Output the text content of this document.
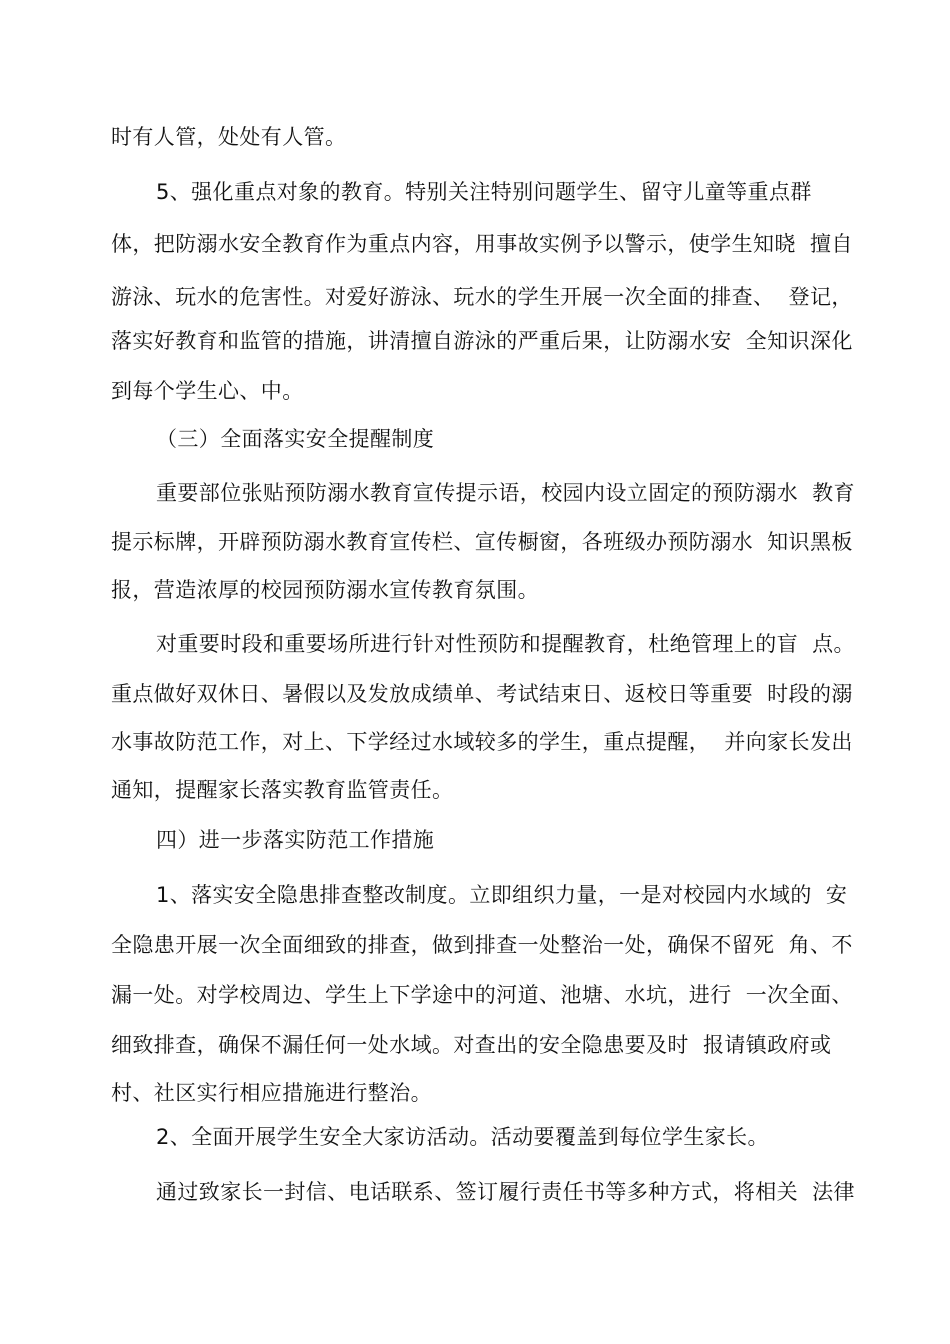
时有人管，处处有人管。
5、强化重点对象的教育。特别关注特别问题学生、留守儿童等重点群
体，把防溺水安全教育作为重点内容，用事故实例予以警示，使学生知晓  擅自
游泳、玩水的危害性。对爱好游泳、玩水的学生开展一次全面的排查、  登记，
落实好教育和监管的措施，讲清擅自游泳的严重后果，让防溺水安  全知识深化
到每个学生心、中。
（三）全面落实安全提醒制度
重要部位张贴预防溺水教育宣传提示语，校园内设立固定的预防溺水  教育
提示标牌，开辟预防溺水教育宣传栏、宣传橱窗，各班级办预防溺水  知识黑板
报，营造浓厚的校园预防溺水宣传教育氛围。
对重要时段和重要场所进行针对性预防和提醒教育，杜绝管理上的盲  点。
重点做好双休日、暑假以及发放成绩单、考试结束日、返校日等重要  时段的溺
水事故防范工作，对上、下学经过水域较多的学生，重点提醒，  并向家长发出
通知，提醒家长落实教育监管责任。
四）进一步落实防范工作措施
1、落实安全隐患排查整改制度。立即组织力量，一是对校园内水域的  安
全隐患开展一次全面细致的排查，做到排查一处整治一处，确保不留死  角、不
漏一处。对学校周边、学生上下学途中的河道、池塘、水坑，进行  一次全面、
细致排查，确保不漏任何一处水域。对查出的安全隐患要及时  报请镇政府或
村、社区实行相应措施进行整治。
2、全面开展学生安全大家访活动。活动要覆盖到每位学生家长。
通过致家长一封信、电话联系、签订履行责任书等多种方式，将相关  法律
